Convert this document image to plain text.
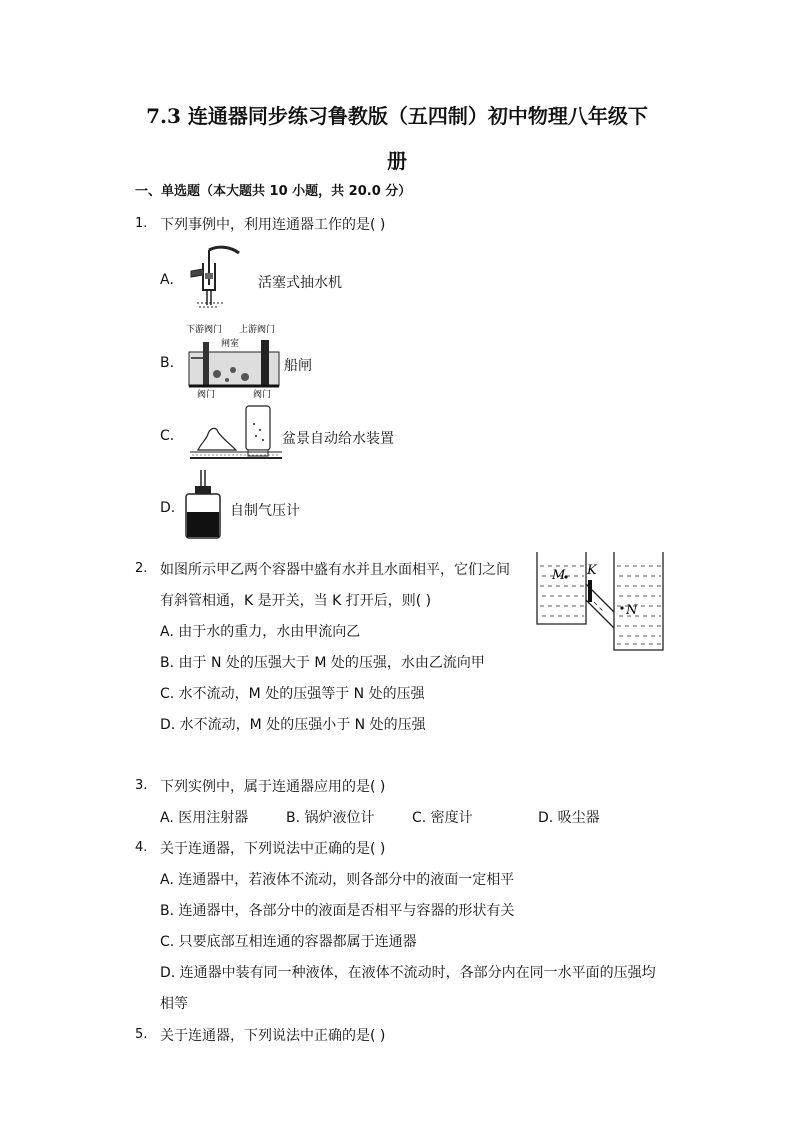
7.3 连通器同步练习鲁教版（五四制）初中物理八年级下
册
一、单选题（本大题共 10 小题，共 20.0 分）
1. 下列事例中，利用连通器工作的是( )
A.	活塞式抽水机
B.
下游阀门 上游阀门
闸室
阀门	阀门
船闸
C.	盆景自动给水装置
D.	自制气压计
2. 如图所示甲乙两个容器中盛有水并且水面相平，它们之间
有斜管相通，K 是开关，当 K 打开后，则( )
A. 由于水的重力，水由甲流向乙
B. 由于 N 处的压强大于 M 处的压强，水由乙流向甲
C. 水不流动，M 处的压强等于 N 处的压强
D. 水不流动，M 处的压强小于 N 处的压强
M K
N
3. 下列实例中，属于连通器应用的是( )
A. 医用注射器	B. 锅炉液位计	C. 密度计	D. 吸尘器
4. 关于连通器，下列说法中正确的是( )
A. 连通器中，若液体不流动，则各部分中的液面一定相平
B. 连通器中，各部分中的液面是否相平与容器的形状有关
C. 只要底部互相连通的容器都属于连通器
D. 连通器中装有同一种液体，在液体不流动时，各部分内在同一水平面的压强均
相等
5. 关于连通器，下列说法中正确的是( )
